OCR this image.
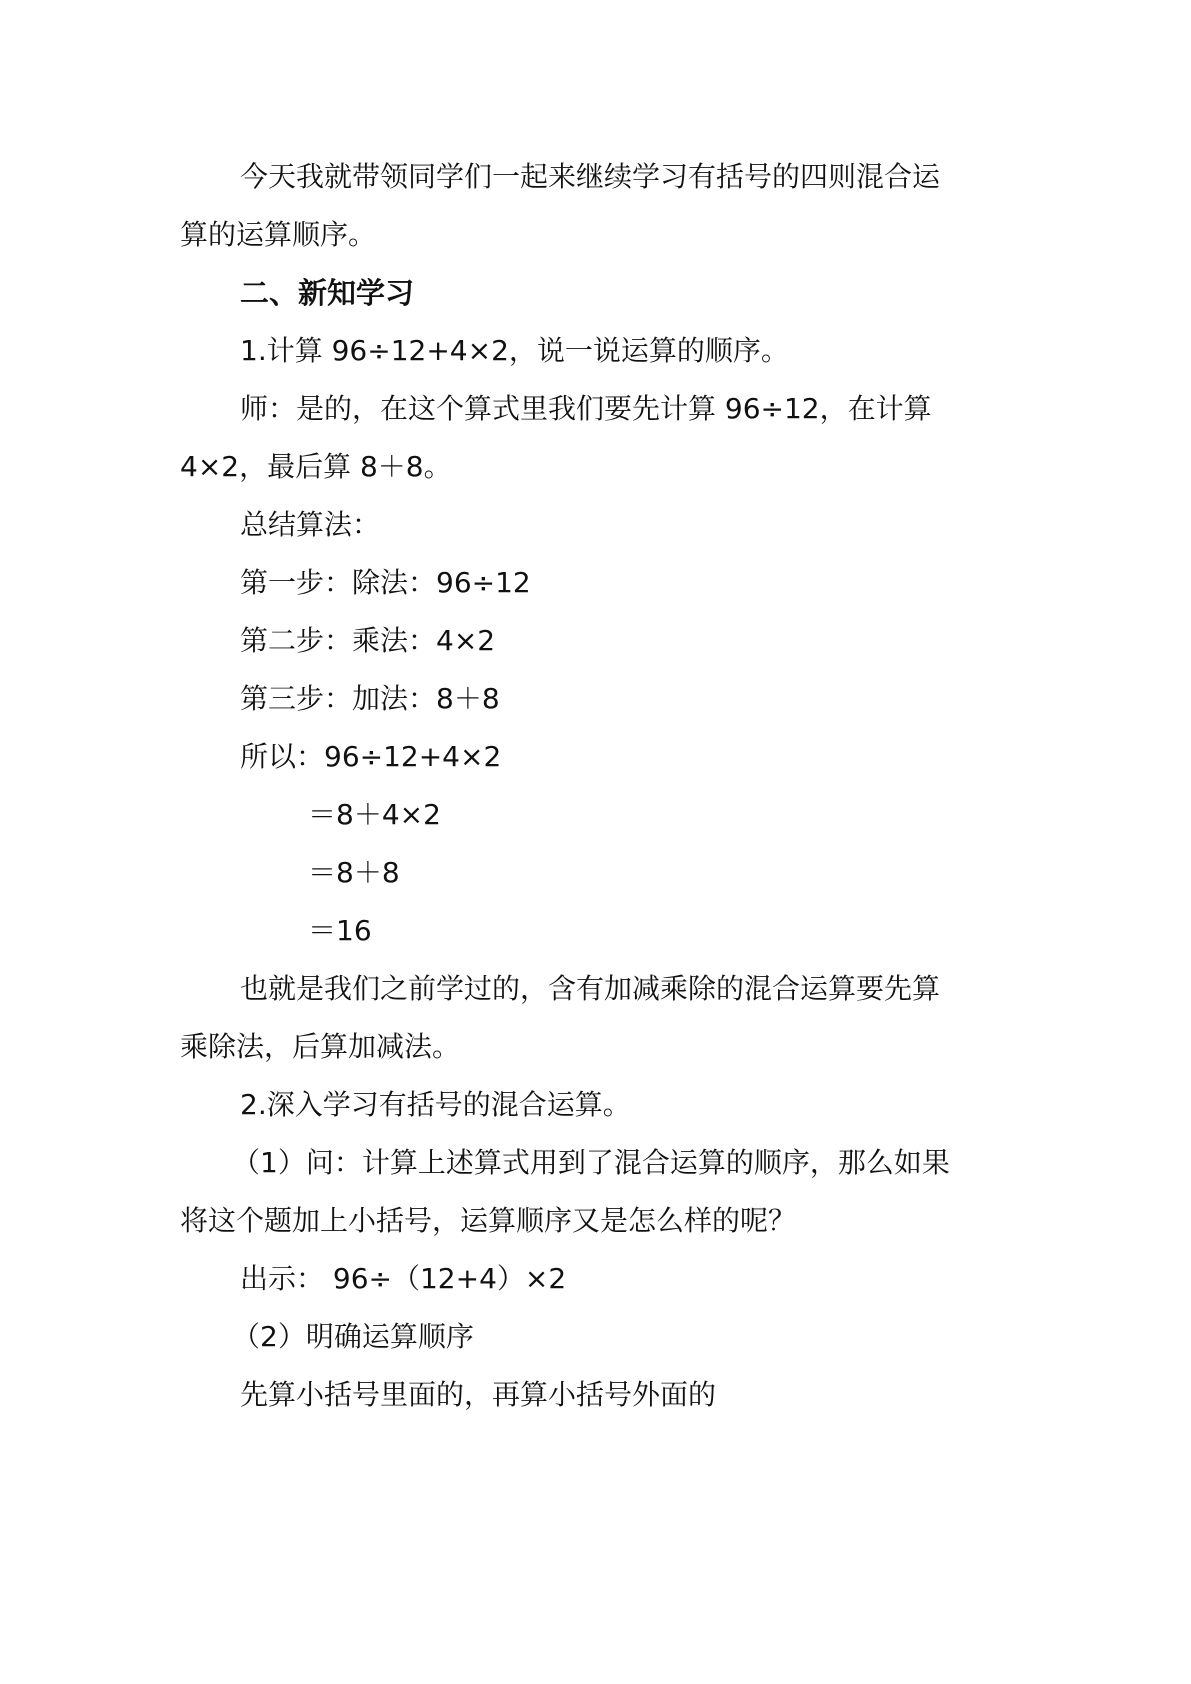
今天我就带领同学们一起来继续学习有括号的四则混合运
算的运算顺序。
二、新知学习
1.计算 96÷12+4×2，说一说运算的顺序。
师：是的，在这个算式里我们要先计算 96÷12，在计算
4×2，最后算 8＋8。
总结算法：
第一步：除法：96÷12
第二步：乘法：4×2
第三步：加法：8＋8
所以：96÷12+4×2
＝8＋4×2
＝8＋8
＝16
也就是我们之前学过的，含有加减乘除的混合运算要先算
乘除法，后算加减法。
2.深入学习有括号的混合运算。
（1）问：计算上述算式用到了混合运算的顺序，那么如果
将这个题加上小括号，运算顺序又是怎么样的呢？
出示： 96÷（12+4）×2
（2）明确运算顺序
先算小括号里面的，再算小括号外面的
